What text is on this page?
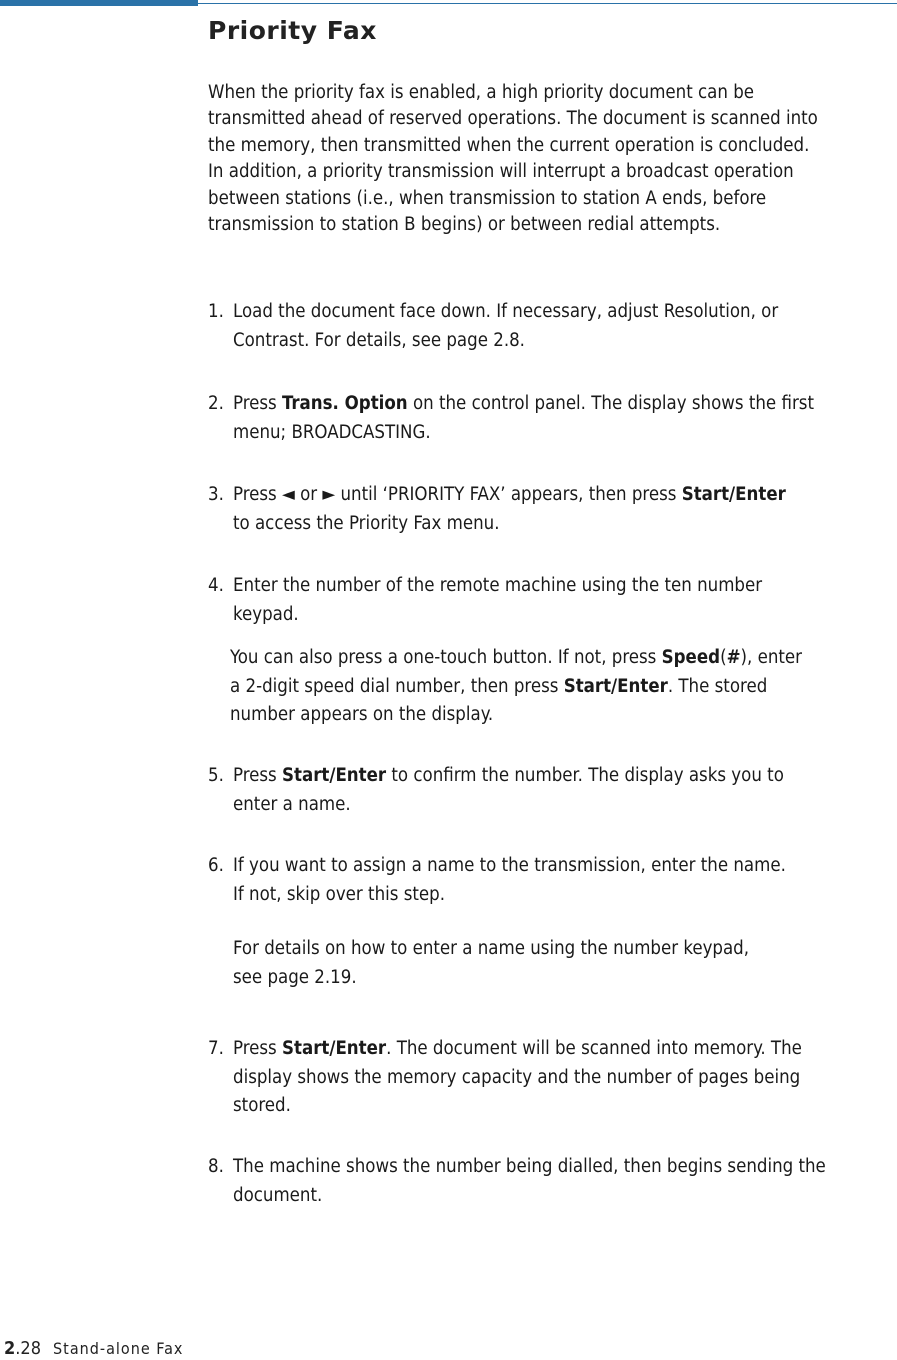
Priority Fax
When the priority fax is enabled, a high priority document can be
transmitted ahead of reserved operations. The document is scanned into
the memory, then transmitted when the current operation is concluded.
In addition, a priority transmission will interrupt a broadcast operation
between stations (i.e., when transmission to station A ends, before
transmission to station B begins) or between redial attempts.
1. Load the document face down. If necessary, adjust Resolution, or
Contrast. For details, see page 2.8.
2. Press Trans. Option on the control panel. The display shows the first
menu; BROADCASTING.
3. Press ◄ or ► until ‘PRIORITY FAX’ appears, then press Start/Enter
to access the Priority Fax menu.
4. Enter the number of the remote machine using the ten number
keypad.
You can also press a one-touch button. If not, press Speed(#), enter
a 2-digit speed dial number, then press Start/Enter. The stored
number appears on the display.
5. Press Start/Enter to confirm the number. The display asks you to
enter a name.
6. If you want to assign a name to the transmission, enter the name.
If not, skip over this step.
For details on how to enter a name using the number keypad,
see page 2.19.
7. Press Start/Enter. The document will be scanned into memory. The
display shows the memory capacity and the number of pages being
stored.
8. The machine shows the number being dialled, then begins sending the
document.
2.28 Stand-alone Fax
